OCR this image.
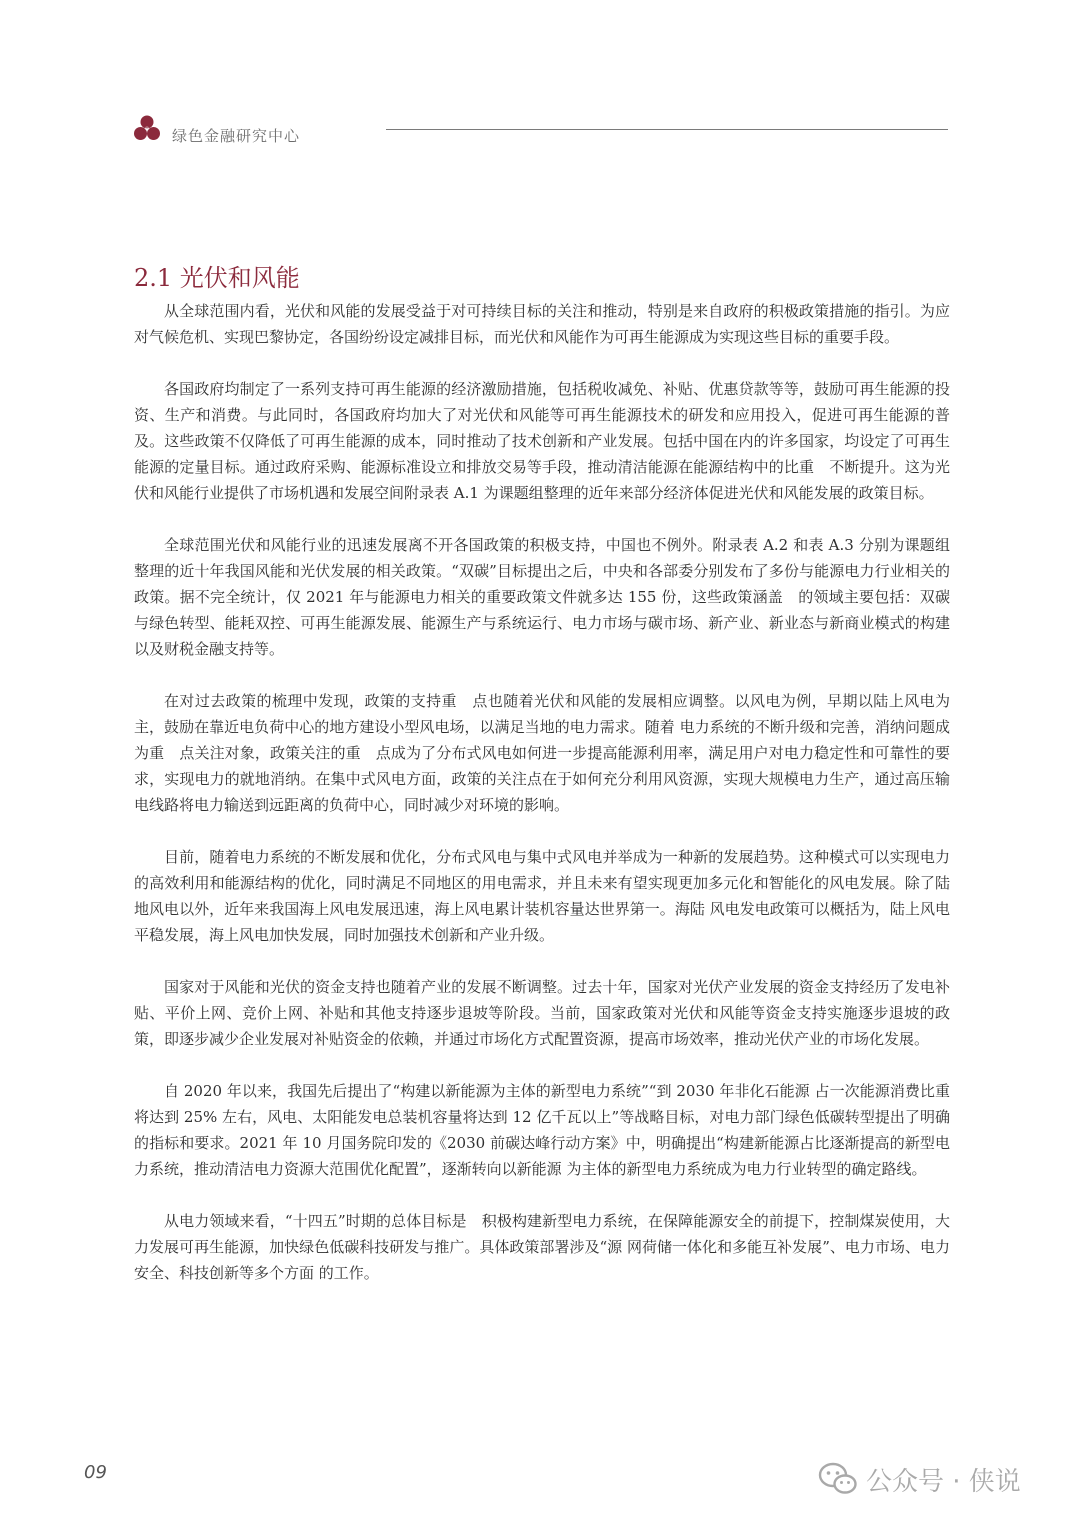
绿色金融研究中心
2.1 光伏和风能

从全球范围内看，光伏和风能的发展受益于对可持续目标的关注和推动，特别是来自政府的积极政策措施的指引。为应对气候危机、实现巴黎协定，各国纷纷设定减排目标，而光伏和风能作为可再生能源成为实现这些目标的重要手段。

各国政府均制定了一系列支持可再生能源的经济激励措施，包括税收减免、补贴、优惠贷款等等，鼓励可再生能源的投资、生产和消费。与此同时，各国政府均加大了对光伏和风能等可再生能源技术的研发和应用投入，促进可再生能源的普及。这些政策不仅降低了可再生能源的成本，同时推动了技术创新和产业发展。包括中国在内的许多国家，均设定了可再生能源的定量目标。通过政府采购、能源标准设立和排放交易等手段，推动清洁能源在能源结构中的比重　不断提升。这为光伏和风能行业提供了市场机遇和发展空间附录表 A.1 为课题组整理的近年来部分经济体促进光伏和风能发展的政策目标。

全球范围光伏和风能行业的迅速发展离不开各国政策的积极支持，中国也不例外。附录表 A.2 和表 A.3 分别为课题组整理的近十年我国风能和光伏发展的相关政策。“双碳”目标提出之后，中央和各部委分别发布了多份与能源电力行业相关的政策。据不完全统计，仅 2021 年与能源电力相关的重要政策文件就多达 155 份，这些政策涵盖　的领域主要包括：双碳与绿色转型、能耗双控、可再生能源发展、能源生产与系统运行、电力市场与碳市场、新产业、新业态与新商业模式的构建以及财税金融支持等。

在对过去政策的梳理中发现，政策的支持重　点也随着光伏和风能的发展相应调整。以风电为例，早期以陆上风电为主，鼓励在靠近电负荷中心的地方建设小型风电场，以满足当地的电力需求。随着 电力系统的不断升级和完善，消纳问题成为重　点关注对象，政策关注的重　点成为了分布式风电如何进一步提高能源利用率，满足用户对电力稳定性和可靠性的要求，实现电力的就地消纳。在集中式风电方面，政策的关注点在于如何充分利用风资源，实现大规模电力生产，通过高压输电线路将电力输送到远距离的负荷中心，同时减少对环境的影响。

目前，随着电力系统的不断发展和优化，分布式风电与集中式风电并举成为一种新的发展趋势。这种模式可以实现电力的高效利用和能源结构的优化，同时满足不同地区的用电需求，并且未来有望实现更加多元化和智能化的风电发展。除了陆地风电以外，近年来我国海上风电发展迅速，海上风电累计装机容量达世界第一。海陆 风电发电政策可以概括为，陆上风电平稳发展，海上风电加快发展，同时加强技术创新和产业升级。

国家对于风能和光伏的资金支持也随着产业的发展不断调整。过去十年，国家对光伏产业发展的资金支持经历了发电补贴、平价上网、竞价上网、补贴和其他支持逐步退坡等阶段。当前，国家政策对光伏和风能等资金支持实施逐步退坡的政策，即逐步减少企业发展对补贴资金的依赖，并通过市场化方式配置资源，提高市场效率，推动光伏产业的市场化发展。

自 2020 年以来，我国先后提出了“构建以新能源为主体的新型电力系统”“到 2030 年非化石能源 占一次能源消费比重　将达到 25% 左右，风电、太阳能发电总装机容量将达到 12 亿千瓦以上”等战略目标，对电力部门绿色低碳转型提出了明确的指标和要求。2021 年 10 月国务院印发的《2030 前碳达峰行动方案》中，明确提出“构建新能源占比逐渐提高的新型电力系统，推动清洁电力资源大范围优化配置”，逐渐转向以新能源 为主体的新型电力系统成为电力行业转型的确定路线。

从电力领域来看，“十四五”时期的总体目标是　积极构建新型电力系统，在保障能源安全的前提下，控制煤炭使用，大力发展可再生能源，加快绿色低碳科技研发与推广。具体政策部署涉及“源 网荷储一体化和多能互补发展”、电力市场、电力安全、科技创新等多个方面 的工作。

09	公众号 · 侠说
